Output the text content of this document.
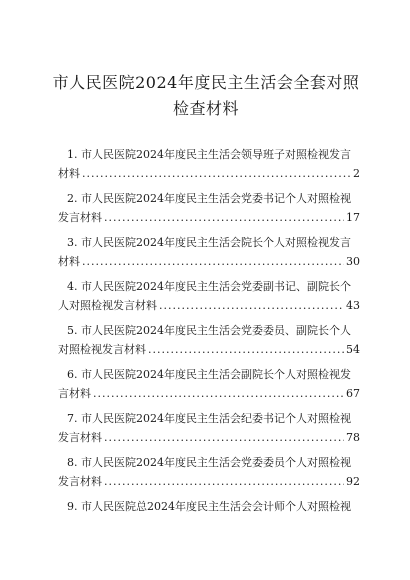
市人民医院2024年度民主生活会全套对照检查材料
1. 市人民医院2024年度民主生活会领导班子对照检视发言
材料 .....	2
2. 市人民医院2024年度民主生活会党委书记个人对照检视
发言材料 .....	17
3. 市人民医院2024年度民主生活会院长个人对照检视发言
材料 .....	30
4. 市人民医院2024年度民主生活会党委副书记、副院长个
人对照检视发言材料 .....	43
5. 市人民医院2024年度民主生活会党委委员、副院长个人
对照检视发言材料 .....	54
6. 市人民医院2024年度民主生活会副院长个人对照检视发
言材料 .....	67
7. 市人民医院2024年度民主生活会纪委书记个人对照检视
发言材料 .....	78
8. 市人民医院2024年度民主生活会党委委员个人对照检视
发言材料 .....	92
9. 市人民医院总2024年度民主生活会会计师个人对照检视
